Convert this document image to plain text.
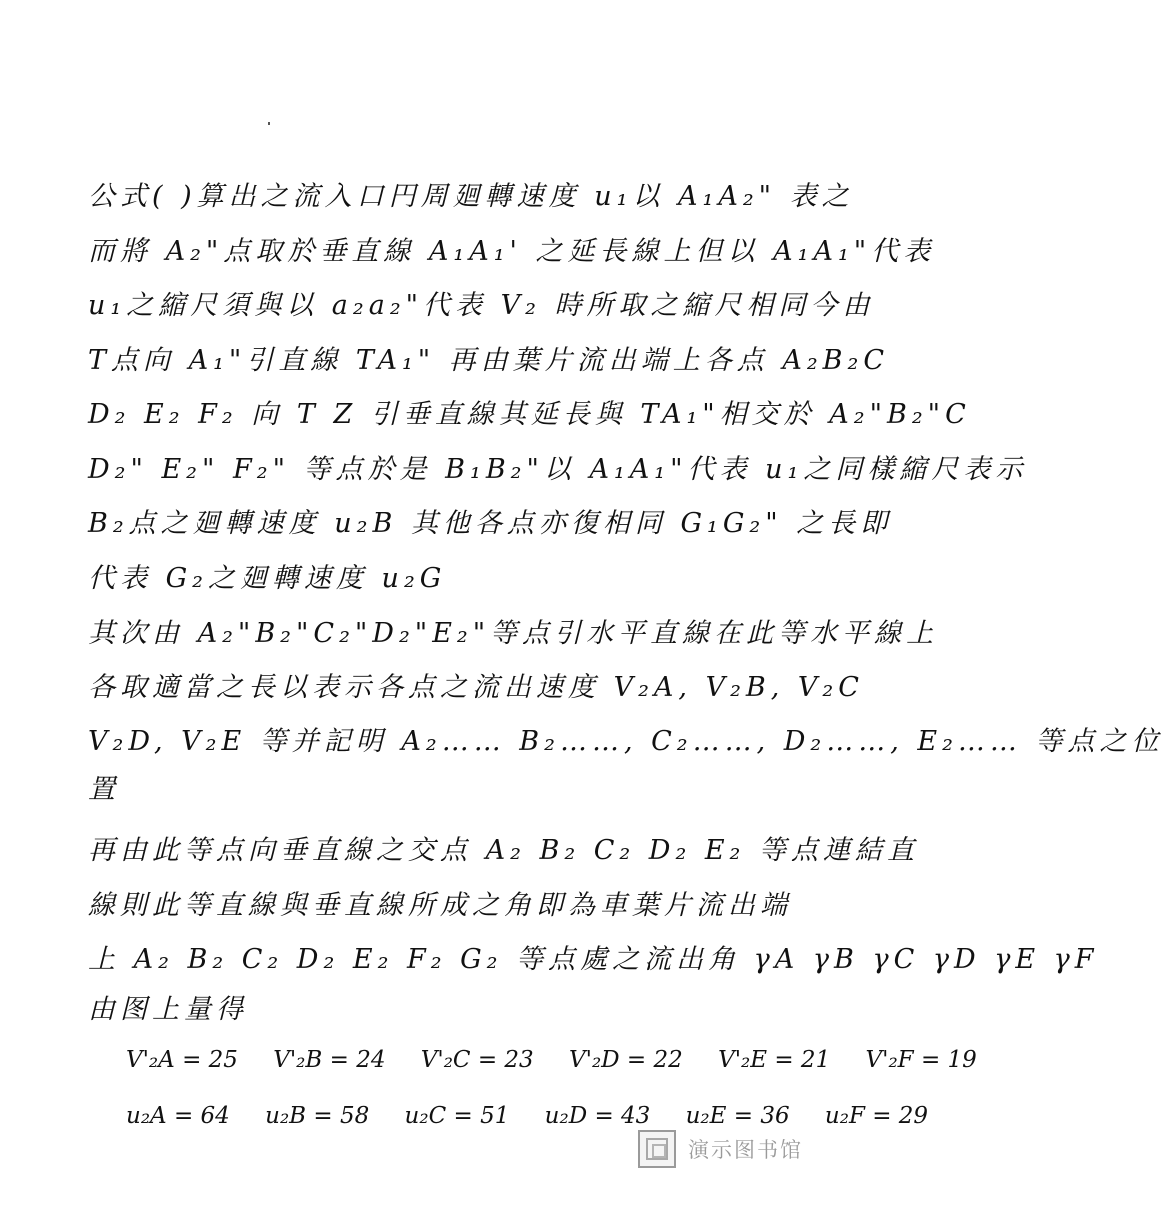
公式( )算出之流入口円周廻轉速度 u₁以 A₁A₂" 表之
而將 A₂"点取於垂直線 A₁A₁' 之延長線上但以 A₁A₁"代表
u₁之縮尺須與以 a₂a₂"代表 V₂ 時所取之縮尺相同今由
T点向 A₁"引直線 TA₁" 再由葉片流出端上各点 A₂B₂C
D₂ E₂ F₂ 向 T Z 引垂直線其延長與 TA₁"相交於 A₂"B₂"C
D₂" E₂" F₂" 等点於是 B₁B₂"以 A₁A₁"代表 u₁之同樣縮尺表示
B₂点之廻轉速度 u₂B 其他各点亦復相同 G₁G₂" 之長即
代表 G₂之廻轉速度 u₂G
其次由 A₂"B₂"C₂"D₂"E₂"等点引水平直線在此等水平線上
各取適當之長以表示各点之流出速度 V₂A, V₂B, V₂C
V₂D, V₂E 等并記明 A₂…… B₂……, C₂……, D₂……, E₂…… 等点之位
置
再由此等点向垂直線之交点 A₂ B₂ C₂ D₂ E₂ 等点連結直
線則此等直線與垂直線所成之角即為車葉片流出端
上 A₂ B₂ C₂ D₂ E₂ F₂ G₂ 等点處之流出角 γA γB γC γD γE γF
由图上量得
V'₂A = 25 V'₂B = 24 V'₂C = 23 V'₂D = 22 V'₂E = 21 V'₂F = 19
u₂A = 64 u₂B = 58 u₂C = 51 u₂D = 43 u₂E = 36 u₂F = 29
演示图书馆
